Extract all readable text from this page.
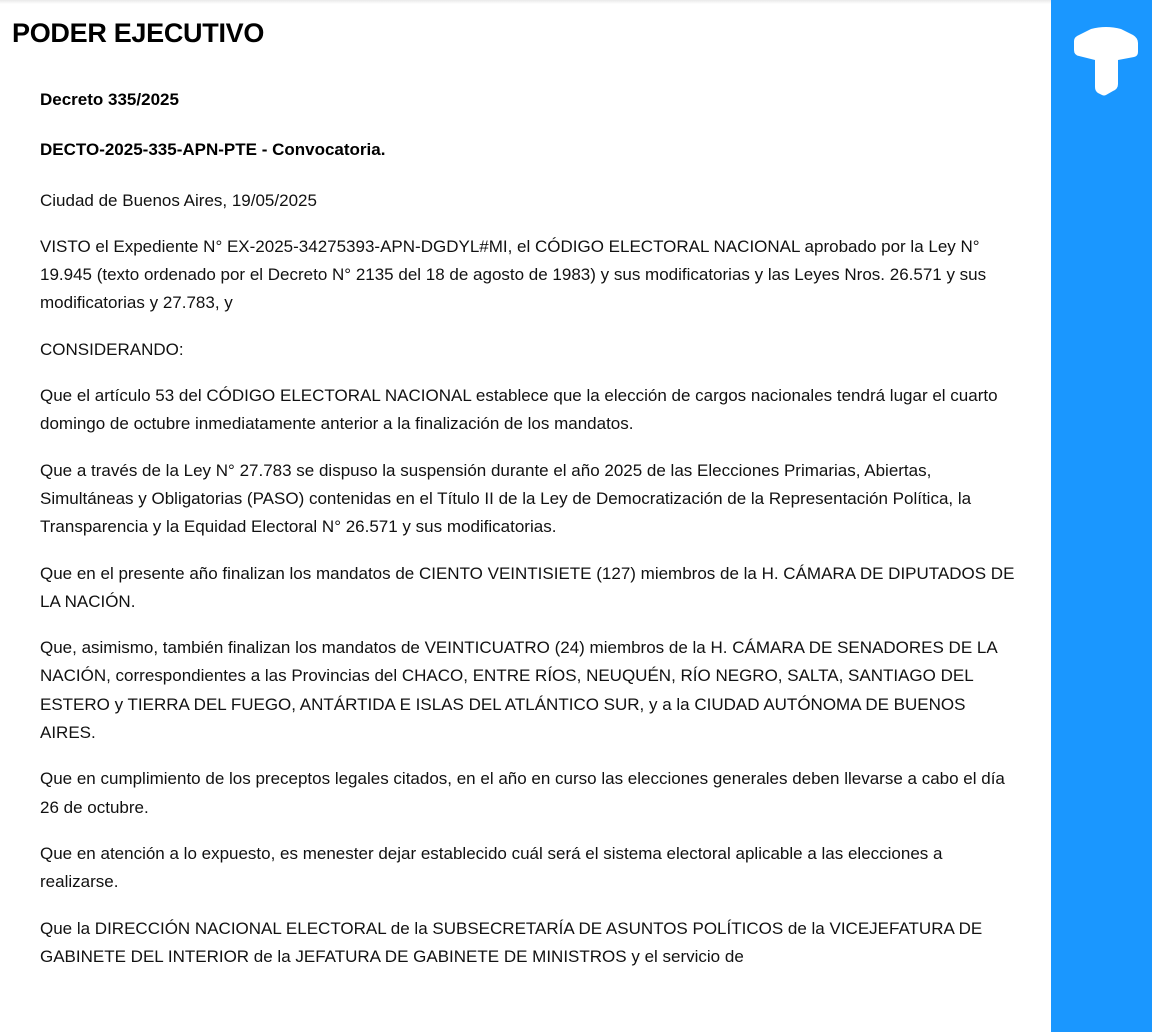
PODER EJECUTIVO

Decreto 335/2025

DECTO-2025-335-APN-PTE - Convocatoria.

Ciudad de Buenos Aires, 19/05/2025

VISTO el Expediente N° EX-2025-34275393-APN-DGDYL#MI, el CÓDIGO ELECTORAL NACIONAL aprobado por la Ley N° 19.945 (texto ordenado por el Decreto N° 2135 del 18 de agosto de 1983) y sus modificatorias y las Leyes Nros. 26.571 y sus modificatorias y 27.783, y

CONSIDERANDO:

Que el artículo 53 del CÓDIGO ELECTORAL NACIONAL establece que la elección de cargos nacionales tendrá lugar el cuarto domingo de octubre inmediatamente anterior a la finalización de los mandatos.

Que a través de la Ley N° 27.783 se dispuso la suspensión durante el año 2025 de las Elecciones Primarias, Abiertas, Simultáneas y Obligatorias (PASO) contenidas en el Título II de la Ley de Democratización de la Representación Política, la Transparencia y la Equidad Electoral N° 26.571 y sus modificatorias.

Que en el presente año finalizan los mandatos de CIENTO VEINTISIETE (127) miembros de la H. CÁMARA DE DIPUTADOS DE LA NACIÓN.

Que, asimismo, también finalizan los mandatos de VEINTICUATRO (24) miembros de la H. CÁMARA DE SENADORES DE LA NACIÓN, correspondientes a las Provincias del CHACO, ENTRE RÍOS, NEUQUÉN, RÍO NEGRO, SALTA, SANTIAGO DEL ESTERO y TIERRA DEL FUEGO, ANTÁRTIDA E ISLAS DEL ATLÁNTICO SUR, y a la CIUDAD AUTÓNOMA DE BUENOS AIRES.

Que en cumplimiento de los preceptos legales citados, en el año en curso las elecciones generales deben llevarse a cabo el día 26 de octubre.

Que en atención a lo expuesto, es menester dejar establecido cuál será el sistema electoral aplicable a las elecciones a realizarse.

Que la DIRECCIÓN NACIONAL ELECTORAL de la SUBSECRETARÍA DE ASUNTOS POLÍTICOS de la VICEJEFATURA DE GABINETE DEL INTERIOR de la JEFATURA DE GABINETE DE MINISTROS y el servicio de
